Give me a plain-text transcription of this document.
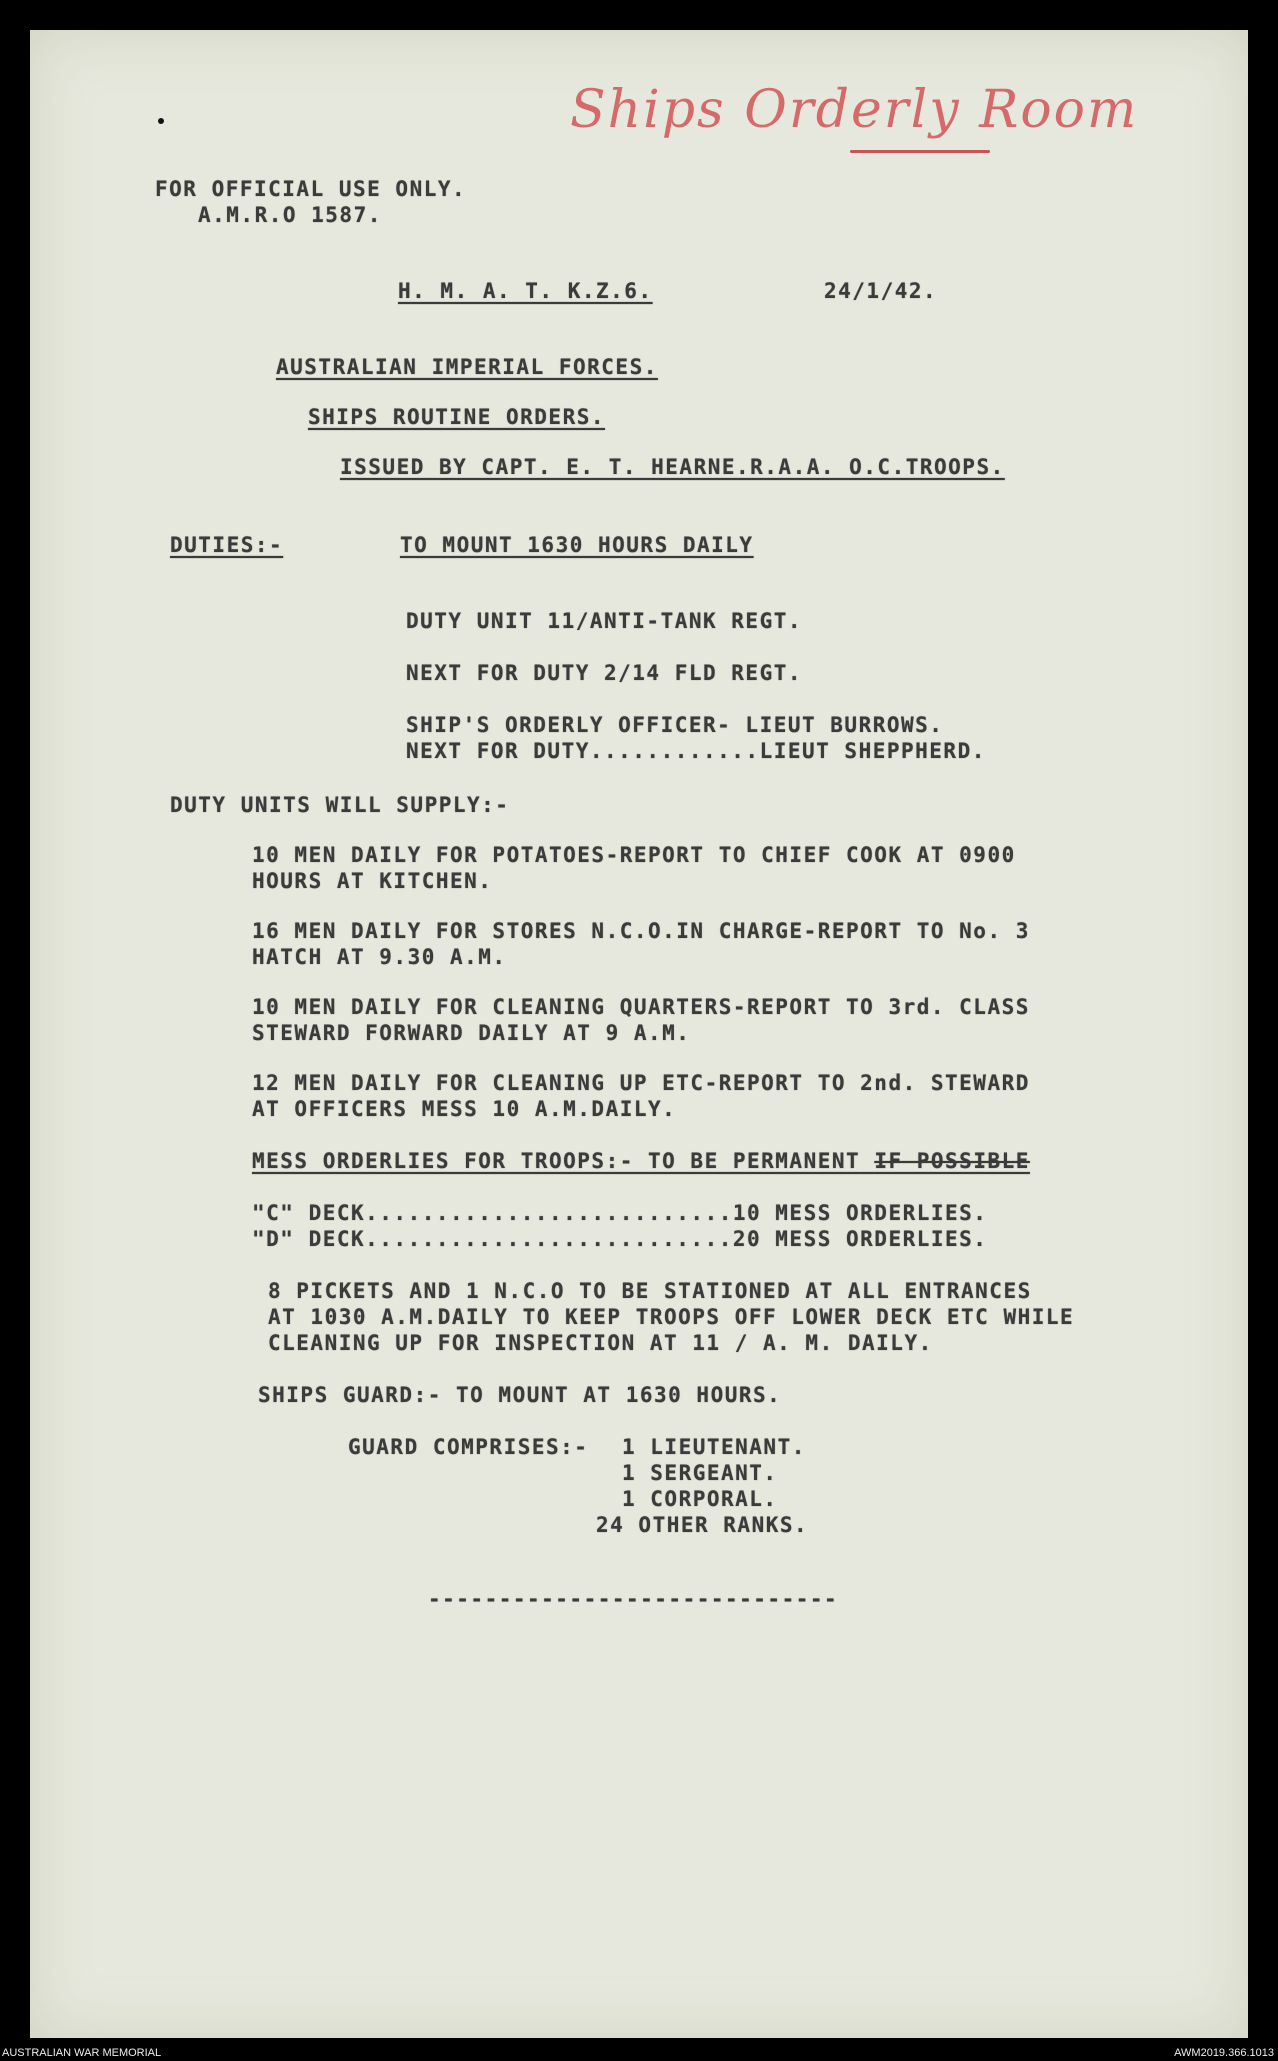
Ships Orderly Room
FOR OFFICIAL USE ONLY.
A.M.R.O 1587.
H. M. A. T. K.Z.6.	24/1/42.
AUSTRALIAN IMPERIAL FORCES.
SHIPS ROUTINE ORDERS.
ISSUED BY CAPT. E. T. HEARNE.R.A.A. O.C.TROOPS.
DUTIES:-	TO MOUNT 1630 HOURS DAILY
DUTY UNIT 11/ANTI-TANK REGT.
NEXT FOR DUTY 2/14 FLD REGT.
SHIP'S ORDERLY OFFICER- LIEUT BURROWS.
NEXT FOR DUTY............LIEUT SHEPPHERD.
DUTY UNITS WILL SUPPLY:-
10 MEN DAILY FOR POTATOES-REPORT TO CHIEF COOK AT 0900
HOURS AT KITCHEN.
16 MEN DAILY FOR STORES N.C.O.IN CHARGE-REPORT TO No. 3
HATCH AT 9.30 A.M.
10 MEN DAILY FOR CLEANING QUARTERS-REPORT TO 3rd. CLASS
STEWARD FORWARD DAILY AT 9 A.M.
12 MEN DAILY FOR CLEANING UP ETC-REPORT TO 2nd. STEWARD
AT OFFICERS MESS 10 A.M.DAILY.
MESS ORDERLIES FOR TROOPS:- TO BE PERMANENT IF POSSIBLE
"C" DECK..........................10 MESS ORDERLIES.
"D" DECK..........................20 MESS ORDERLIES.
8 PICKETS AND 1 N.C.O TO BE STATIONED AT ALL ENTRANCES
AT 1030 A.M.DAILY TO KEEP TROOPS OFF LOWER DECK ETC WHILE
CLEANING UP FOR INSPECTION AT 11 / A. M. DAILY.
SHIPS GUARD:- TO MOUNT AT 1630 HOURS.
GUARD COMPRISES:- 1 LIEUTENANT.
1 SERGEANT.
1 CORPORAL.
24 OTHER RANKS.
-----------------------------
AUSTRALIAN WAR MEMORIAL	AWM2019.366.1013
